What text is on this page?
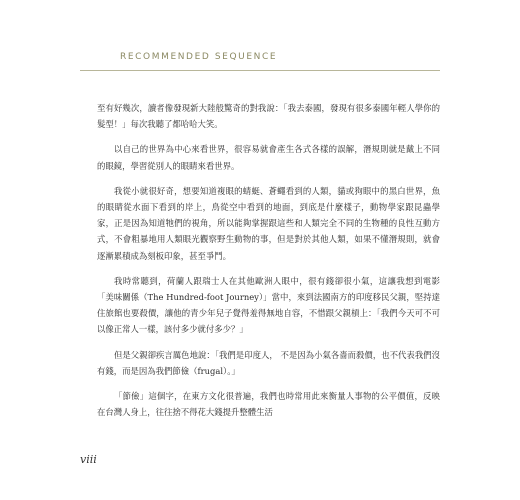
RECOMMENDED SEQUENCE

至有好幾次，讀者像發現新大陸般驚奇的對我說：「我去泰國，發現有很多泰國年輕人學你的髮型！」每次我聽了都哈哈大笑。

以自己的世界為中心來看世界，很容易就會產生各式各樣的誤解，潛規則就是戴上不同的眼鏡，學習從別人的眼睛來看世界。

我從小就很好奇，想要知道複眼的蜻蜓、蒼蠅看到的人類，貓或狗眼中的黑白世界，魚的眼睛從水面下看到的岸上，鳥從空中看到的地面，到底是什麼樣子，動物學家跟昆蟲學家，正是因為知道牠們的視角，所以能夠掌握跟這些和人類完全不同的生物種的良性互動方式，不會粗暴地用人類眼光觀察野生動物的事，但是對於其他人類，如果不懂潛規則，就會逐漸累積成為刻板印象，甚至爭鬥。

我時常聽到，荷蘭人跟瑞士人在其他歐洲人眼中，很有錢卻很小氣，這讓我想到電影「美味關係（The Hundred-foot Journey）」當中，來到法國南方的印度移民父親，堅持達住旅館也要殺價，讓他的青少年兒子覺得羞得無地自容，不惜跟父親槓上：「我們今天可不可以像正常人一樣，該付多少就付多少？」

但是父親卻疾言厲色地說：「我們是印度人， 不是因為小氣各嗇而殺價，也不代表我們沒有錢，而是因為我們節儉（frugal）。」

「節儉」這個字，在東方文化很普遍，我們也時常用此來衡量人事物的公平價值，反映在台灣人身上，往往捨不得花大錢提升整體生活

viii
